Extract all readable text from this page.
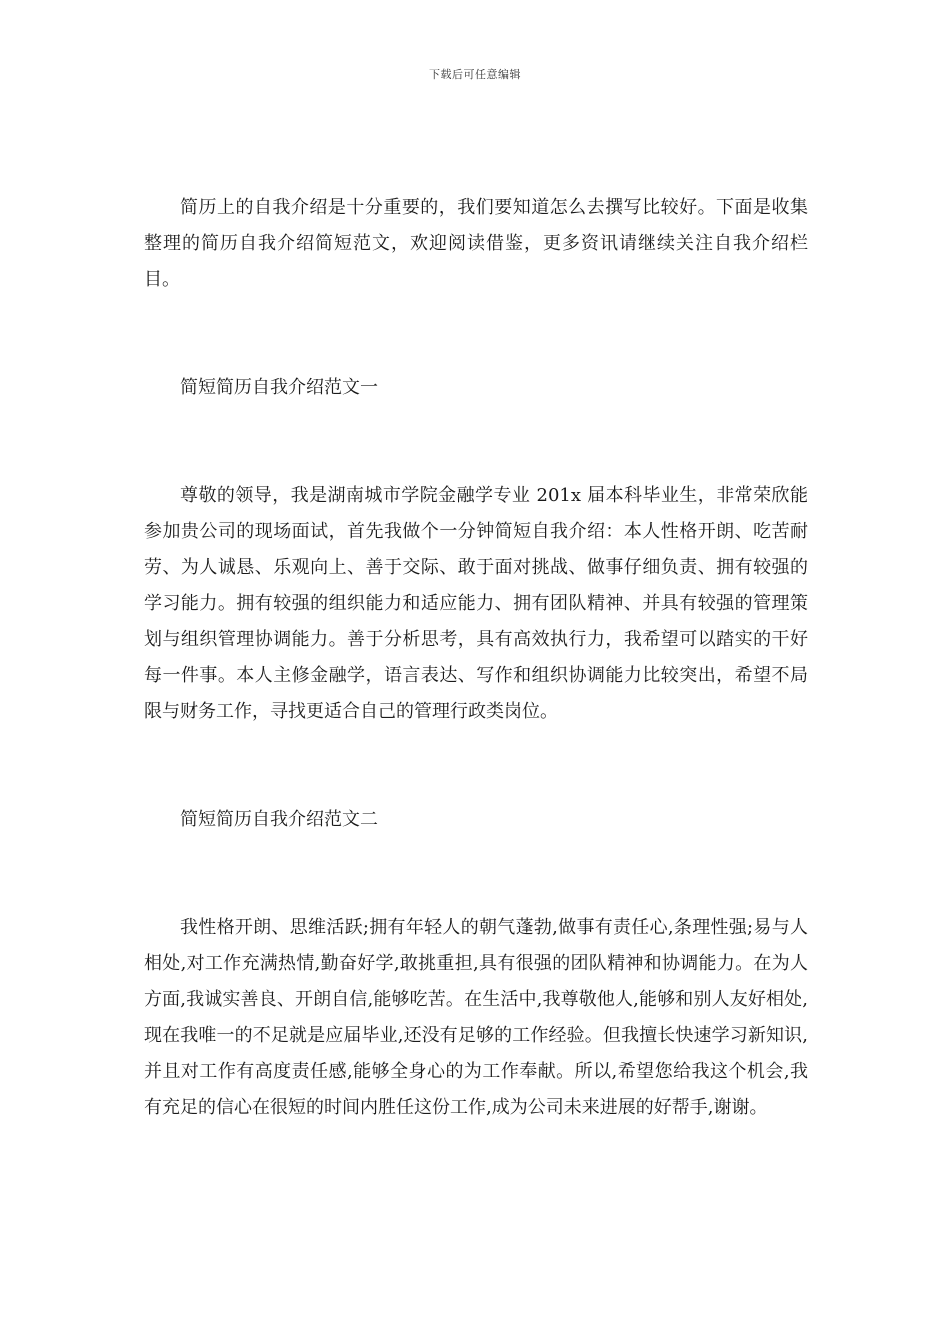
下载后可任意编辑

简历上的自我介绍是十分重要的，我们要知道怎么去撰写比较好。下面是收集整理的简历自我介绍简短范文，欢迎阅读借鉴，更多资讯请继续关注自我介绍栏目。

简短简历自我介绍范文一

尊敬的领导，我是湖南城市学院金融学专业 201x 届本科毕业生，非常荣欣能参加贵公司的现场面试，首先我做个一分钟简短自我介绍：本人性格开朗、吃苦耐劳、为人诚恳、乐观向上、善于交际、敢于面对挑战、做事仔细负责、拥有较强的学习能力。拥有较强的组织能力和适应能力、拥有团队精神、并具有较强的管理策划与组织管理协调能力。善于分析思考，具有高效执行力，我希望可以踏实的干好每一件事。本人主修金融学，语言表达、写作和组织协调能力比较突出，希望不局限与财务工作，寻找更适合自己的管理行政类岗位。

简短简历自我介绍范文二

我性格开朗、思维活跃;拥有年轻人的朝气蓬勃,做事有责任心,条理性强;易与人相处,对工作充满热情,勤奋好学,敢挑重担,具有很强的团队精神和协调能力。在为人方面,我诚实善良、开朗自信,能够吃苦。在生活中,我尊敬他人,能够和别人友好相处,现在我唯一的不足就是应届毕业,还没有足够的工作经验。但我擅长快速学习新知识,并且对工作有高度责任感,能够全身心的为工作奉献。所以,希望您给我这个机会,我有充足的信心在很短的时间内胜任这份工作,成为公司未来进展的好帮手,谢谢。
